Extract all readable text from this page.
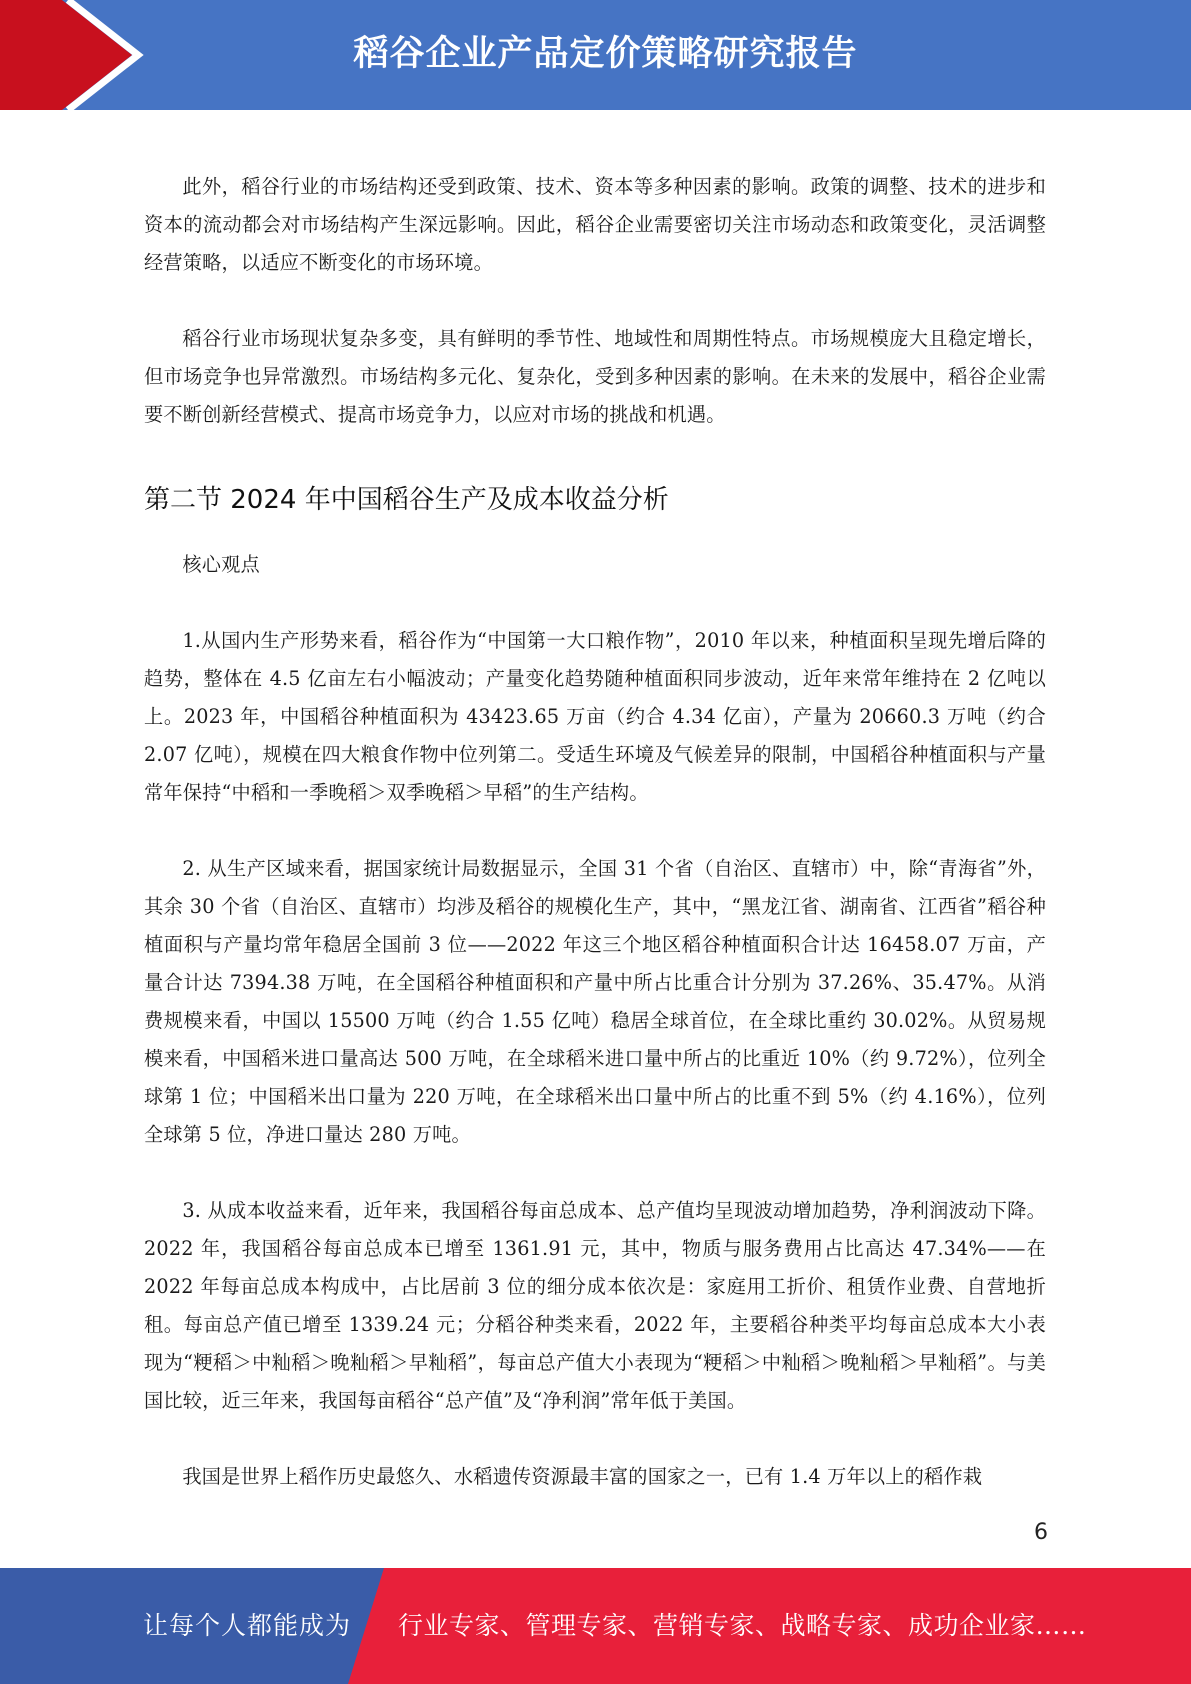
稻谷企业产品定价策略研究报告

此外，稻谷行业的市场结构还受到政策、技术、资本等多种因素的影响。政策的调整、技术的进步和资本的流动都会对市场结构产生深远影响。因此，稻谷企业需要密切关注市场动态和政策变化，灵活调整经营策略，以适应不断变化的市场环境。

稻谷行业市场现状复杂多变，具有鲜明的季节性、地域性和周期性特点。市场规模庞大且稳定增长，但市场竞争也异常激烈。市场结构多元化、复杂化，受到多种因素的影响。在未来的发展中，稻谷企业需要不断创新经营模式、提高市场竞争力，以应对市场的挑战和机遇。

第二节 2024 年中国稻谷生产及成本收益分析

核心观点

1.从国内生产形势来看，稻谷作为“中国第一大口粮作物”，2010 年以来，种植面积呈现先增后降的趋势，整体在 4.5 亿亩左右小幅波动；产量变化趋势随种植面积同步波动，近年来常年维持在 2 亿吨以上。2023 年，中国稻谷种植面积为 43423.65 万亩（约合 4.34 亿亩），产量为 20660.3 万吨（约合 2.07 亿吨），规模在四大粮食作物中位列第二。受适生环境及气候差异的限制，中国稻谷种植面积与产量常年保持“中稻和一季晚稻＞双季晚稻＞早稻”的生产结构。

2. 从生产区域来看，据国家统计局数据显示，全国 31 个省（自治区、直辖市）中，除“青海省”外，其余 30 个省（自治区、直辖市）均涉及稻谷的规模化生产，其中，“黑龙江省、湖南省、江西省”稻谷种植面积与产量均常年稳居全国前 3 位——2022 年这三个地区稻谷种植面积合计达 16458.07 万亩，产量合计达 7394.38 万吨，在全国稻谷种植面积和产量中所占比重合计分别为 37.26%、35.47%。从消费规模来看，中国以 15500 万吨（约合 1.55 亿吨）稳居全球首位，在全球比重约 30.02%。从贸易规模来看，中国稻米进口量高达 500 万吨，在全球稻米进口量中所占的比重近 10%（约 9.72%），位列全球第 1 位；中国稻米出口量为 220 万吨，在全球稻米出口量中所占的比重不到 5%（约 4.16%），位列全球第 5 位，净进口量达 280 万吨。

3. 从成本收益来看，近年来，我国稻谷每亩总成本、总产值均呈现波动增加趋势，净利润波动下降。2022 年，我国稻谷每亩总成本已增至 1361.91 元，其中，物质与服务费用占比高达 47.34%——在 2022 年每亩总成本构成中，占比居前 3 位的细分成本依次是：家庭用工折价、租赁作业费、自营地折租。每亩总产值已增至 1339.24 元；分稻谷种类来看，2022 年，主要稻谷种类平均每亩总成本大小表现为“粳稻＞中籼稻＞晚籼稻＞早籼稻”，每亩总产值大小表现为“粳稻＞中籼稻＞晚籼稻＞早籼稻”。与美国比较，近三年来，我国每亩稻谷“总产值”及“净利润”常年低于美国。

我国是世界上稻作历史最悠久、水稻遗传资源最丰富的国家之一，已有 1.4 万年以上的稻作栽

6
让每个人都能成为 行业专家、管理专家、营销专家、战略专家、成功企业家……
